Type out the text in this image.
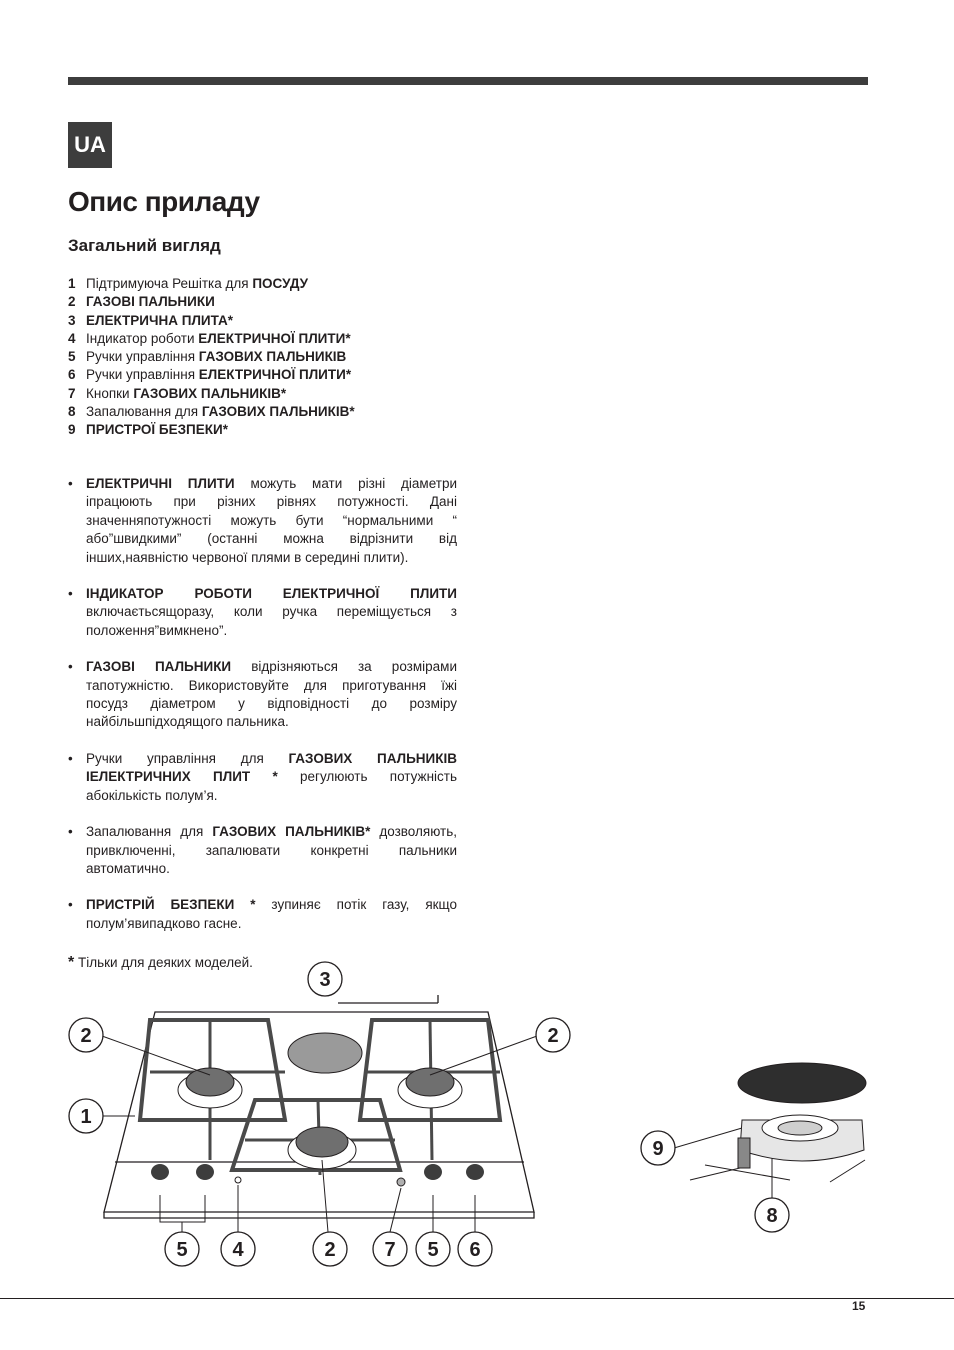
UA
Опис приладу
Загальний вигляд
1 Підтримуюча Решітка для ПОСУДУ
2 ГАЗОВІ ПАЛЬНИКИ
3 ЕЛЕКТРИЧНА ПЛИТА*
4 Індикатор роботи ЕЛЕКТРИЧНОЇ ПЛИТИ*
5 Ручки управління ГАЗОВИХ ПАЛЬНИКІВ
6 Ручки управління ЕЛЕКТРИЧНОЇ ПЛИТИ*
7 Кнопки ГАЗОВИХ ПАЛЬНИКІВ*
8 Запалювання для ГАЗОВИХ ПАЛЬНИКІВ*
9 ПРИСТРОЇ БЕЗПЕКИ*
• ЕЛЕКТРИЧНІ ПЛИТИ можуть мати різні діаметри іпрацюють при різних рівнях потужності. Дані значенняпотужності можуть бути “нормальними “ або”швидкими” (останні можна відрізнити від інших,наявністю червоної плями в середині плити).
• ІНДИКАТОР РОБОТИ ЕЛЕКТРИЧНОЇ ПЛИТИ включаєтьсящоразу, коли ручка переміщується з положення”вимкнено”.
• ГАЗОВІ ПАЛЬНИКИ відрізняються за розмірами тапотужністю. Використовуйте для приготування їжі посудз діаметром у відповідності до розміру найбільшпідходящого пальника.
• Ручки управління для ГАЗОВИХ ПАЛЬНИКІВ ІЕЛЕКТРИЧНИХ ПЛИТ * регулюють потужність абокількість полум’я.
• Запалювання для ГАЗОВИХ ПАЛЬНИКІВ* дозволяють, привключенні, запалювати конкретні пальники автоматично.
• ПРИСТРІЙ БЕЗПЕКИ * зупиняє потік газу, якщо полум’явипадково гасне.
* Тільки для деяких моделей.
3
2	2
1
5 4	2 7 5 6
9
8
15
